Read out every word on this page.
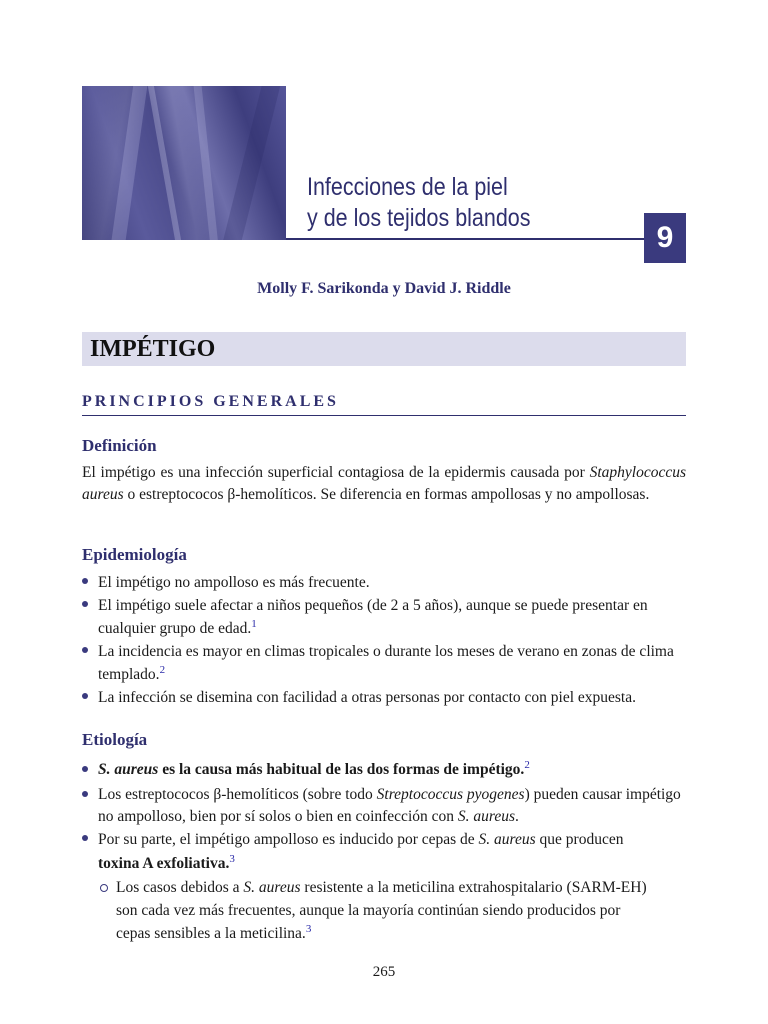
Infecciones de la piel
y de los tejidos blandos
9
Molly F. Sarikonda y David J. Riddle
IMPÉTIGO
PRINCIPIOS GENERALES
Definición

El impétigo es una infección superficial contagiosa de la epidermis causada por Staphylococcus aureus o estreptococos β-hemolíticos. Se diferencia en formas ampollosas y no ampollosas.

Epidemiología
El impétigo no ampolloso es más frecuente.
El impétigo suele afectar a niños pequeños (de 2 a 5 años), aunque se puede presentar en cualquier grupo de edad.$^1$
La incidencia es mayor en climas tropicales o durante los meses de verano en zonas de clima templado.$^2$
La infección se disemina con facilidad a otras personas por contacto con piel expuesta.
Etiología
S. aureus es la causa más habitual de las dos formas de impétigo.$^2$
Los estreptococos β-hemolíticos (sobre todo Streptococcus pyogenes) pueden causar impétigo no ampolloso, bien por sí solos o bien en coinfección con S. aureus.
Por su parte, el impétigo ampolloso es inducido por cepas de S. aureus que producen
toxina A exfoliativa.$^3$
Los casos debidos a S. aureus resistente a la meticilina extrahospitalario (SARM-EH) son cada vez más frecuentes, aunque la mayoría continúan siendo producidos por cepas sensibles a la meticilina.$^3$
265
